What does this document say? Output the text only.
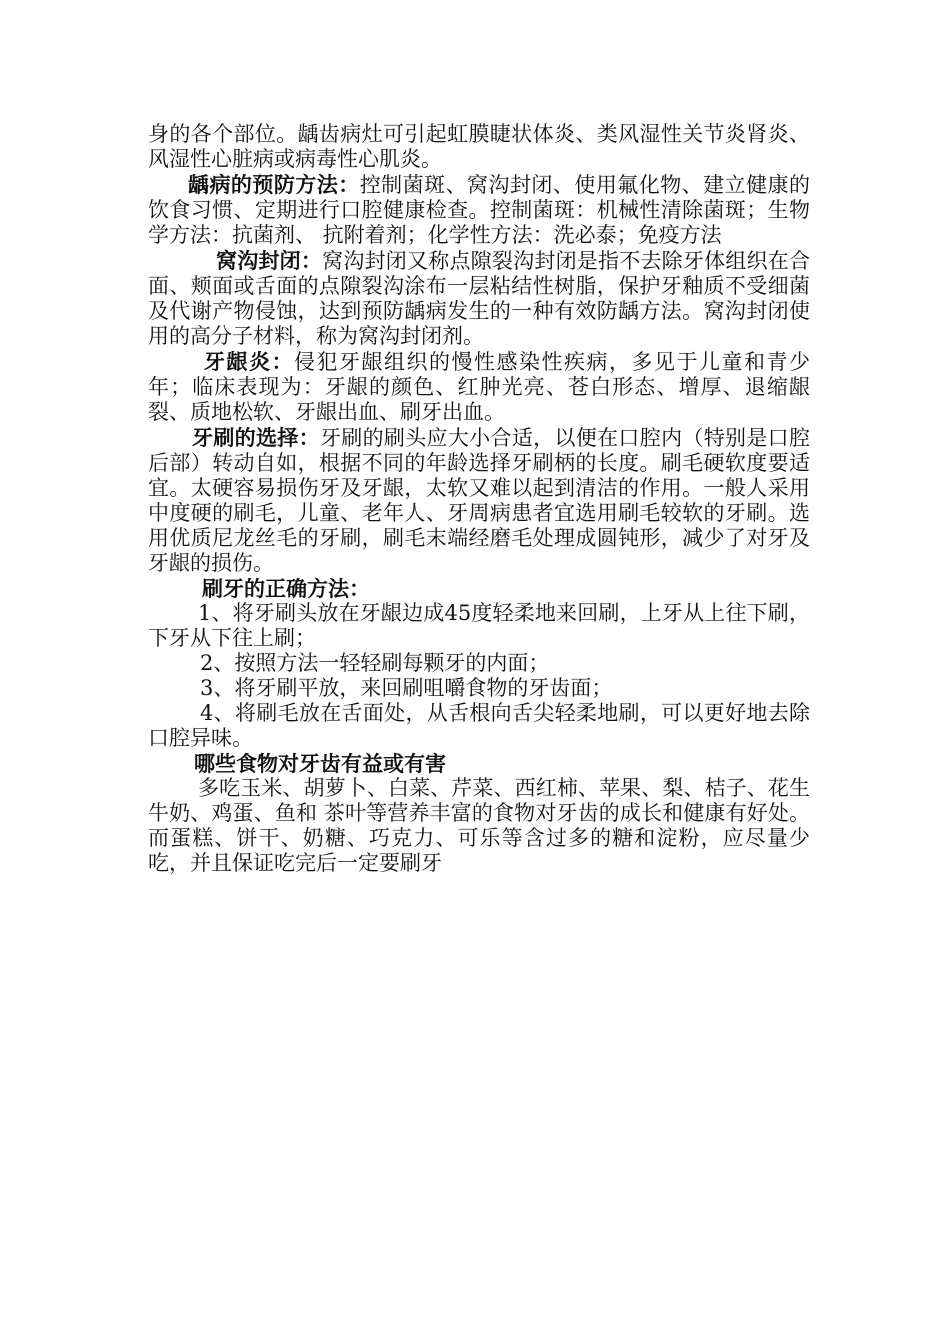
身的各个部位。龋齿病灶可引起虹膜睫状体炎、类风湿性关节炎肾炎、风湿性心脏病或病毒性心肌炎。

龋病的预防方法：控制菌斑、窝沟封闭、使用氟化物、建立健康的饮食习惯、定期进行口腔健康检查。控制菌斑：机械性清除菌斑；生物学方法：抗菌剂、 抗附着剂；化学性方法：洗必泰；免疫方法

窝沟封闭：窝沟封闭又称点隙裂沟封闭是指不去除牙体组织在合面、颊面或舌面的点隙裂沟涂布一层粘结性树脂，保护牙釉质不受细菌及代谢产物侵蚀，达到预防龋病发生的一种有效防龋方法。窝沟封闭使用的高分子材料，称为窝沟封闭剂。

牙龈炎：侵犯牙龈组织的慢性感染性疾病，多见于儿童和青少年；临床表现为：牙龈的颜色、红肿光亮、苍白形态、增厚、退缩龈裂、质地松软、牙龈出血、刷牙出血。

牙刷的选择：牙刷的刷头应大小合适，以便在口腔内（特别是口腔后部）转动自如，根据不同的年龄选择牙刷柄的长度。刷毛硬软度要适宜。太硬容易损伤牙及牙龈，太软又难以起到清洁的作用。一般人采用中度硬的刷毛，儿童、老年人、牙周病患者宜选用刷毛较软的牙刷。选用优质尼龙丝毛的牙刷，刷毛末端经磨毛处理成圆钝形，减少了对牙及牙龈的损伤。

刷牙的正确方法：

1、将牙刷头放在牙龈边成45度轻柔地来回刷，上牙从上往下刷， 下牙从下往上刷；

2、按照方法一轻轻刷每颗牙的内面；

3、将牙刷平放，来回刷咀嚼食物的牙齿面；

4、将刷毛放在舌面处，从舌根向舌尖轻柔地刷，可以更好地去除口腔异味。

哪些食物对牙齿有益或有害

多吃玉米、胡萝卜、白菜、芹菜、西红柿、苹果、梨、桔子、花生牛奶、鸡蛋、鱼和 茶叶等营养丰富的食物对牙齿的成长和健康有好处。而蛋糕、饼干、奶糖、巧克力、可乐等含过多的糖和淀粉，应尽量少吃，并且保证吃完后一定要刷牙
